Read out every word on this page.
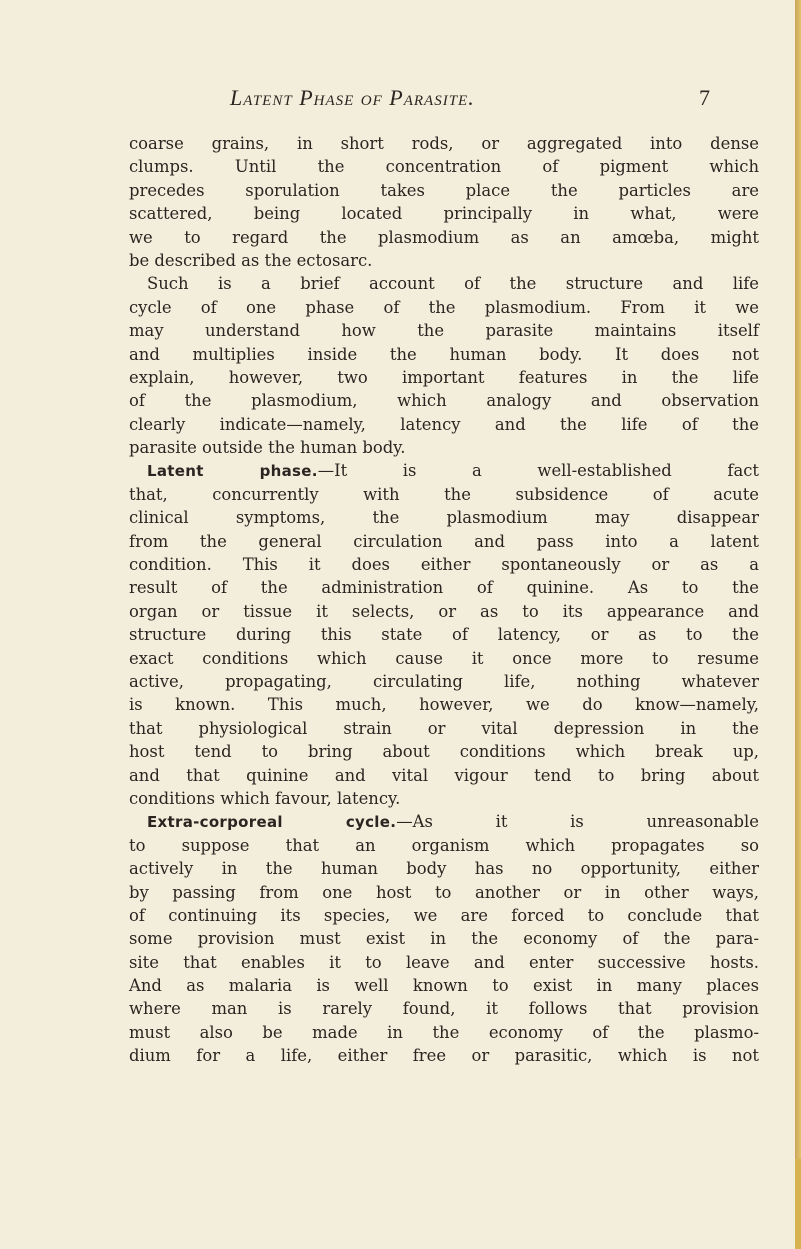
Latent Phase of Parasite.	7
coarse grains, in short rods, or aggregated into dense
clumps. Until the concentration of pigment which
precedes sporulation takes place the particles are
scattered, being located principally in what, were
we to regard the plasmodium as an amœba, might
be described as the ectosarc.
Such is a brief account of the structure and life
cycle of one phase of the plasmodium. From it we
may understand how the parasite maintains itself
and multiplies inside the human body. It does not
explain, however, two important features in the life
of the plasmodium, which analogy and observation
clearly indicate—namely, latency and the life of the
parasite outside the human body.
Latent phase.—It is a well-established fact
that, concurrently with the subsidence of acute
clinical symptoms, the plasmodium may disappear
from the general circulation and pass into a latent
condition. This it does either spontaneously or as a
result of the administration of quinine. As to the
organ or tissue it selects, or as to its appearance and
structure during this state of latency, or as to the
exact conditions which cause it once more to resume
active, propagating, circulating life, nothing whatever
is known. This much, however, we do know—namely,
that physiological strain or vital depression in the
host tend to bring about conditions which break up,
and that quinine and vital vigour tend to bring about
conditions which favour, latency.
Extra-corporeal cycle.—As it is unreasonable
to suppose that an organism which propagates so
actively in the human body has no opportunity, either
by passing from one host to another or in other ways,
of continuing its species, we are forced to conclude that
some provision must exist in the economy of the para-
site that enables it to leave and enter successive hosts.
And as malaria is well known to exist in many places
where man is rarely found, it follows that provision
must also be made in the economy of the plasmo-
dium for a life, either free or parasitic, which is not
